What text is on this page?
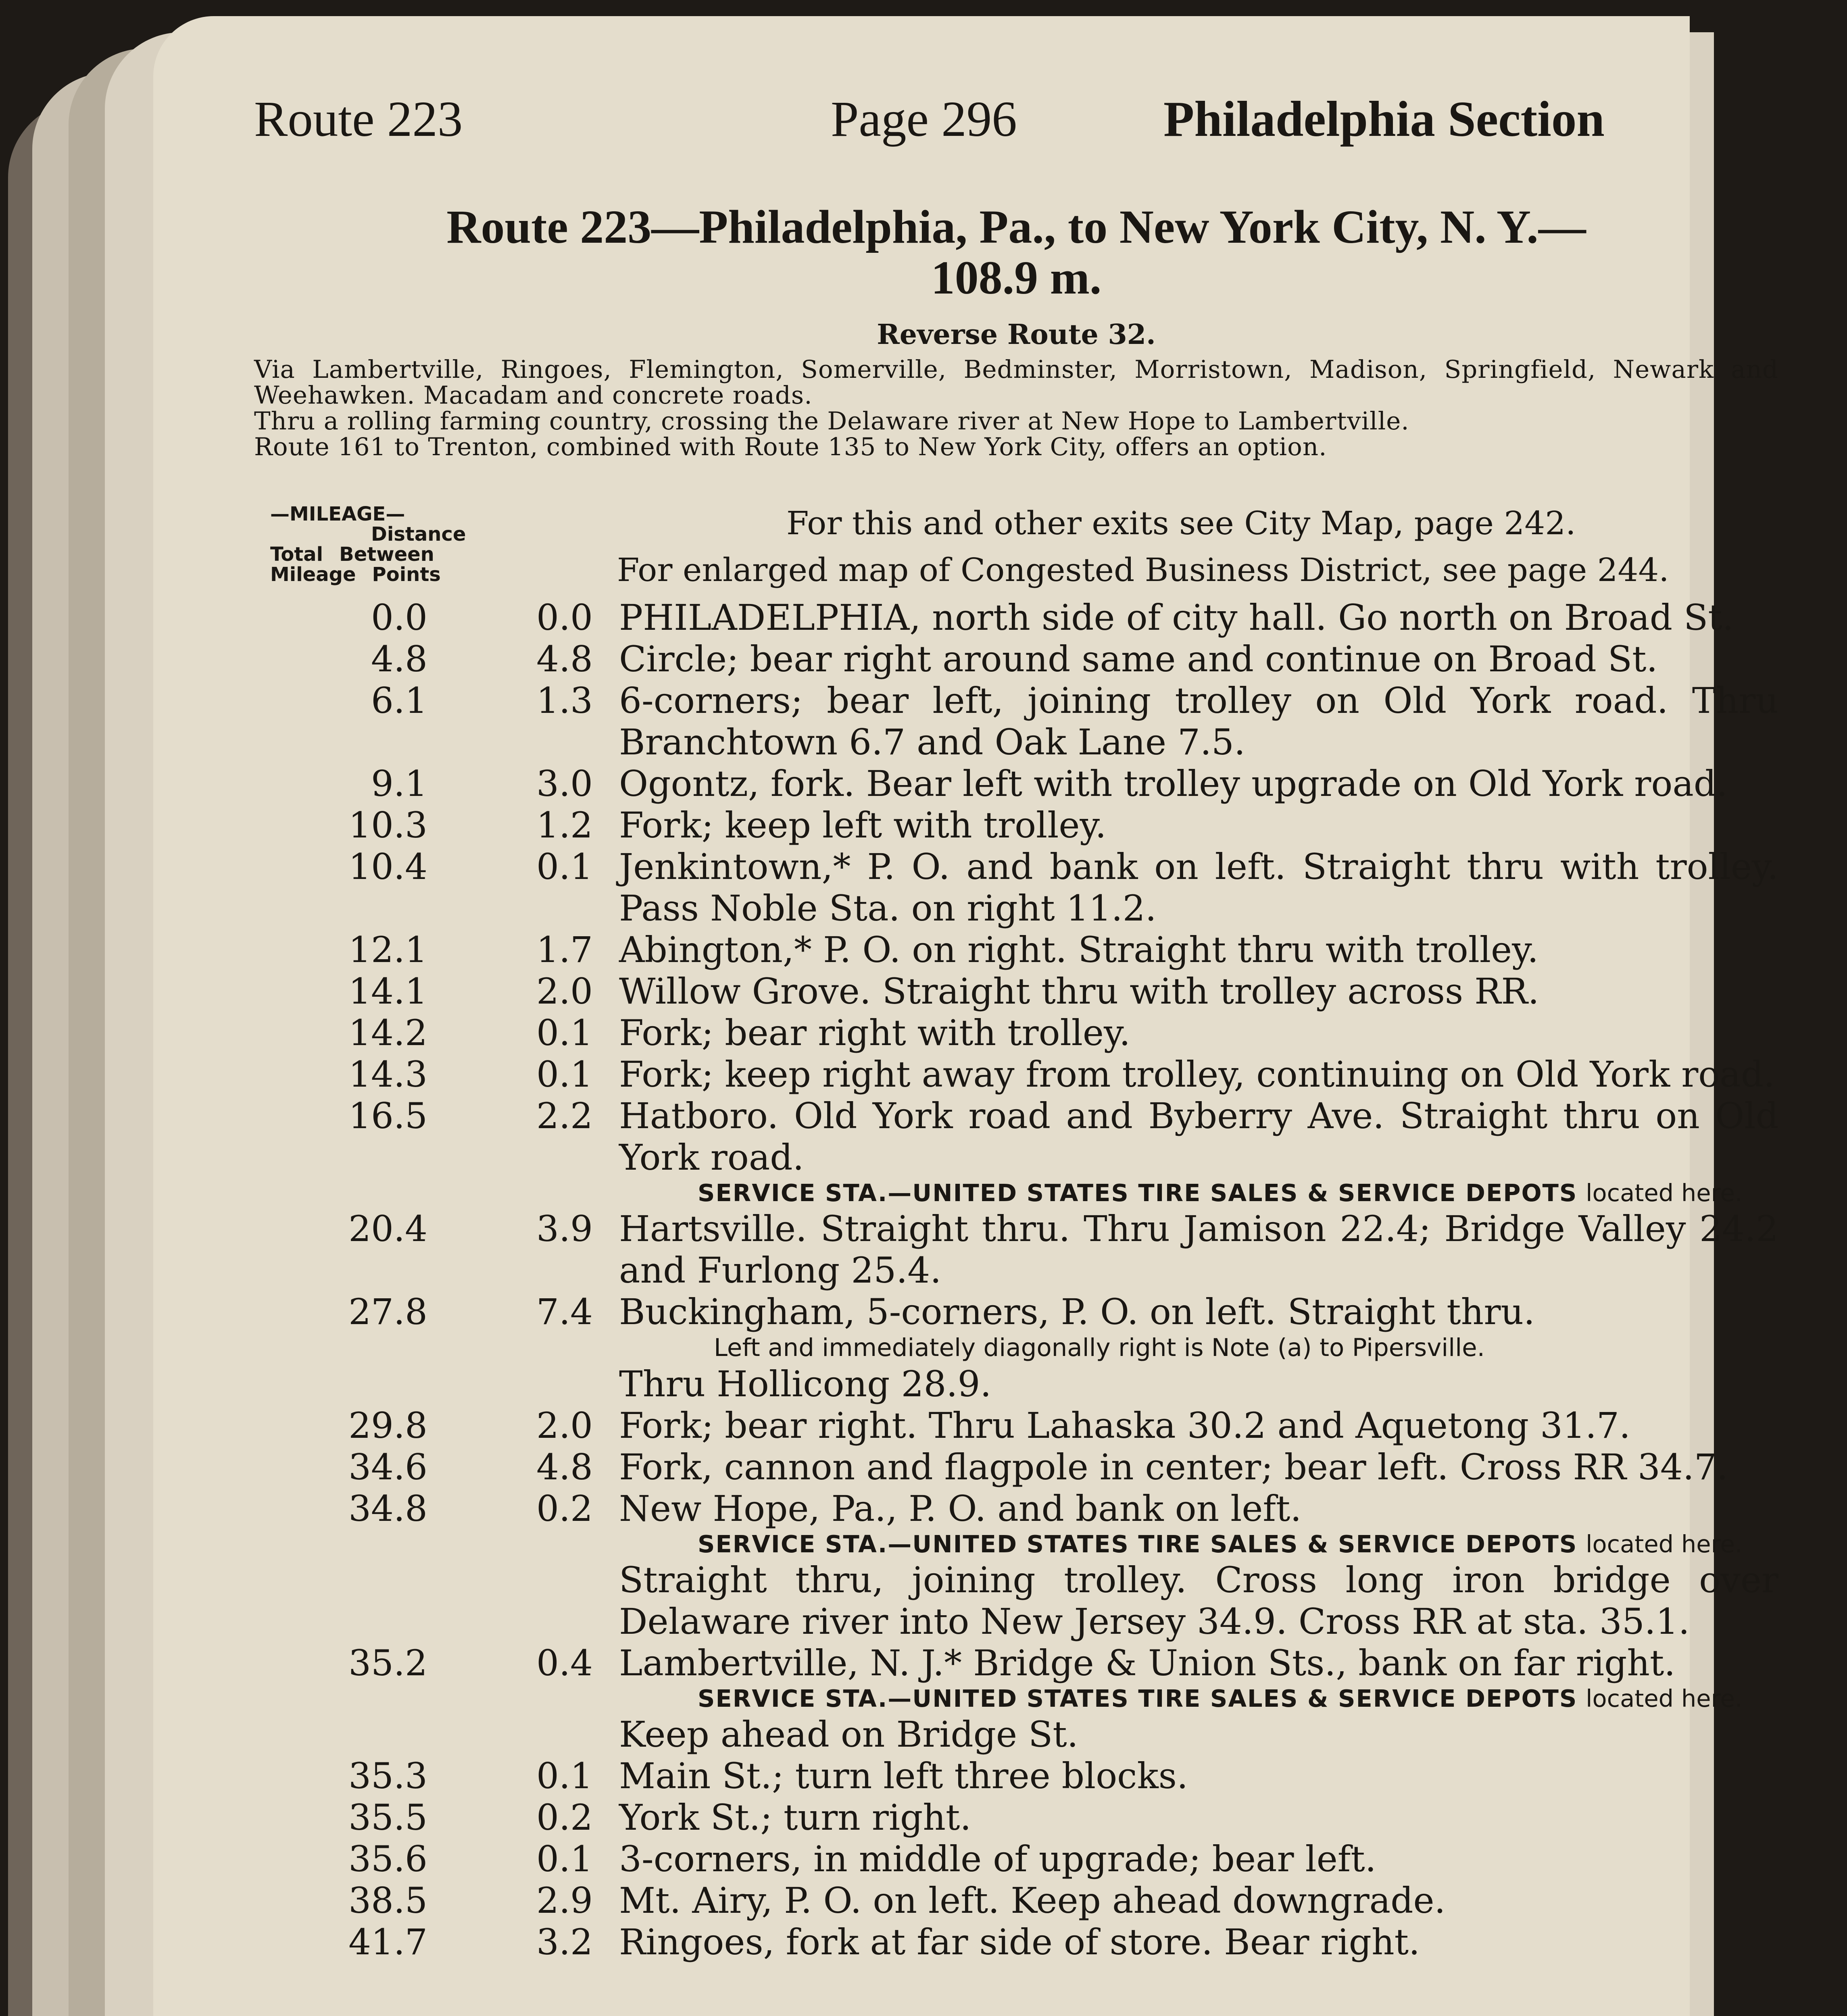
Route 223	Page 296	Philadelphia Section
Route 223—Philadelphia, Pa., to New York City, N. Y.—
108.9 m.
Reverse Route 32.

Via Lambertville, Ringoes, Flemington, Somerville, Bedminster, Morristown, Madison, Springfield, Newark and Weehawken. Macadam and concrete roads.

Thru a rolling farming country, crossing the Delaware river at New Hope to Lambertville.

Route 161 to Trenton, combined with Route 135 to New York City, offers an option.

—MILEAGE—
Distance
Total Between
Mileage Points
For this and other exits see City Map, page 242.
For enlarged map of Congested Business District, see page 244.
0.0	0.0 PHILADELPHIA, north side of city hall. Go north on Broad St.
4.8	4.8 Circle; bear right around same and continue on Broad St.
6.1	1.3 6-corners; bear left, joining trolley on Old York road. Thru Branchtown 6.7 and Oak Lane 7.5.
9.1	3.0 Ogontz, fork. Bear left with trolley upgrade on Old York road.
10.3	1.2 Fork; keep left with trolley.
10.4	0.1 Jenkintown,* P. O. and bank on left. Straight thru with trolley. Pass Noble Sta. on right 11.2.
12.1	1.7 Abington,* P. O. on right. Straight thru with trolley.
14.1	2.0 Willow Grove. Straight thru with trolley across RR.
14.2	0.1 Fork; bear right with trolley.
14.3	0.1 Fork; keep right away from trolley, continuing on Old York road.
16.5	2.2 Hatboro. Old York road and Byberry Ave. Straight thru on Old York road.
SERVICE STA.—UNITED STATES TIRE SALES & SERVICE DEPOTS located here.
20.4	3.9 Hartsville. Straight thru. Thru Jamison 22.4; Bridge Valley 24.2 and Furlong 25.4.
27.8	7.4 Buckingham, 5-corners, P. O. on left. Straight thru.
Left and immediately diagonally right is Note (a) to Pipersville.
Thru Hollicong 28.9.
29.8	2.0 Fork; bear right. Thru Lahaska 30.2 and Aquetong 31.7.
34.6	4.8 Fork, cannon and flagpole in center; bear left. Cross RR 34.7.
34.8	0.2 New Hope, Pa., P. O. and bank on left.
SERVICE STA.—UNITED STATES TIRE SALES & SERVICE DEPOTS located here.
Straight thru, joining trolley. Cross long iron bridge over Delaware river into New Jersey 34.9. Cross RR at sta. 35.1.
35.2	0.4 Lambertville, N. J.* Bridge & Union Sts., bank on far right.
SERVICE STA.—UNITED STATES TIRE SALES & SERVICE DEPOTS located here.
Keep ahead on Bridge St.
35.3	0.1 Main St.; turn left three blocks.
35.5	0.2 York St.; turn right.
35.6	0.1 3-corners, in middle of upgrade; bear left.
38.5	2.9 Mt. Airy, P. O. on left. Keep ahead downgrade.
41.7	3.2 Ringoes, fork at far side of store. Bear right.
